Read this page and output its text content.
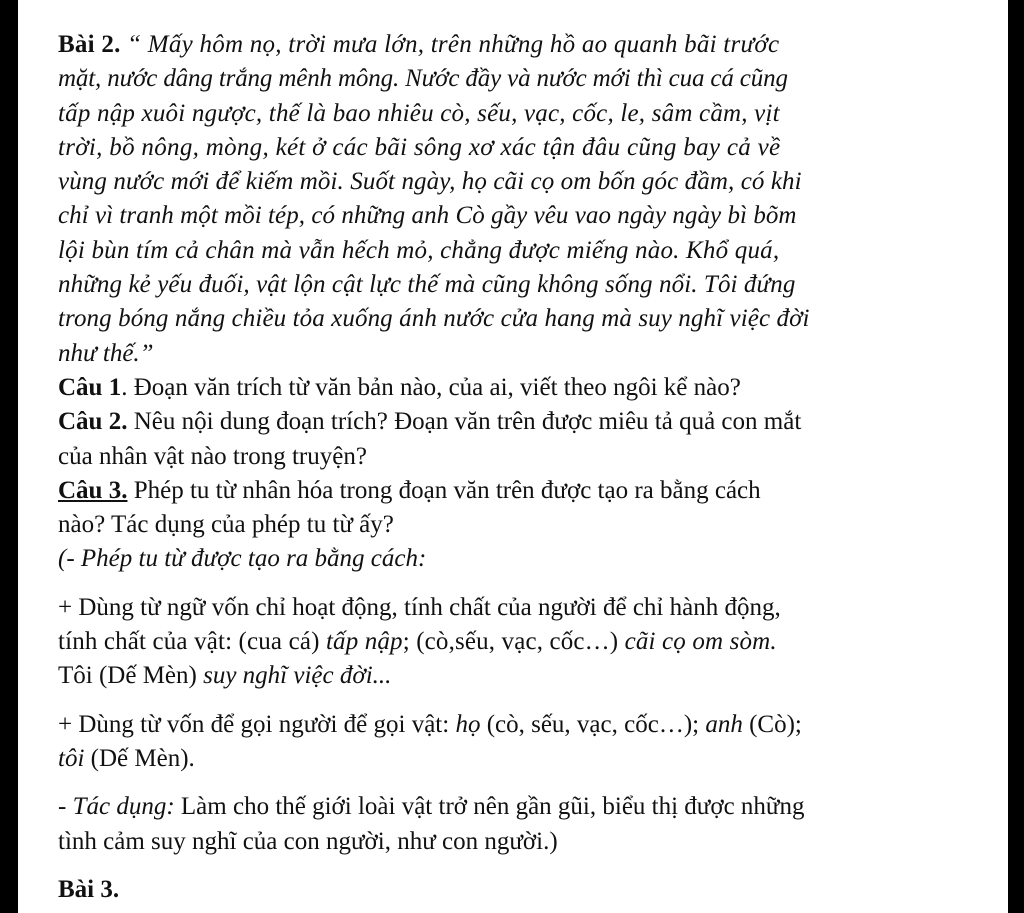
Bài 2. “ Mấy hôm nọ, trời mưa lớn, trên những hồ ao quanh bãi trước
mặt, nước dâng trắng mênh mông. Nước đầy và nước mới thì cua cá cũng
tấp nập xuôi ngược, thế là bao nhiêu cò, sếu, vạc, cốc, le, sâm cầm, vịt
trời, bồ nông, mòng, két ở các bãi sông xơ xác tận đâu cũng bay cả về
vùng nước mới để kiếm mồi. Suốt ngày, họ cãi cọ om bốn góc đầm, có khi
chỉ vì tranh một mồi tép, có những anh Cò gầy vêu vao ngày ngày bì bõm
lội bùn tím cả chân mà vẫn hếch mỏ, chẳng được miếng nào. Khổ quá,
những kẻ yếu đuối, vật lộn cật lực thế mà cũng không sống nổi. Tôi đứng
trong bóng nắng chiều tỏa xuống ánh nước cửa hang mà suy nghĩ việc đời
như thế.”
Câu 1. Đoạn văn trích từ văn bản nào, của ai, viết theo ngôi kể nào?
Câu 2. Nêu nội dung đoạn trích? Đoạn văn trên được miêu tả quả con mắt
của nhân vật nào trong truyện?
Câu 3. Phép tu từ nhân hóa trong đoạn văn trên được tạo ra bằng cách
nào? Tác dụng của phép tu từ ấy?
(- Phép tu từ được tạo ra bằng cách:
+ Dùng từ ngữ vốn chỉ hoạt động, tính chất của người để chỉ hành động,
tính chất của vật: (cua cá) tấp nập; (cò,sếu, vạc, cốc…) cãi cọ om sòm.
Tôi (Dế Mèn) suy nghĩ việc đời...
+ Dùng từ vốn để gọi người để gọi vật: họ (cò, sếu, vạc, cốc…); anh (Cò);
tôi (Dế Mèn).
- Tác dụng: Làm cho thế giới loài vật trở nên gần gũi, biểu thị được những
tình cảm suy nghĩ của con người, như con người.)
Bài 3.
